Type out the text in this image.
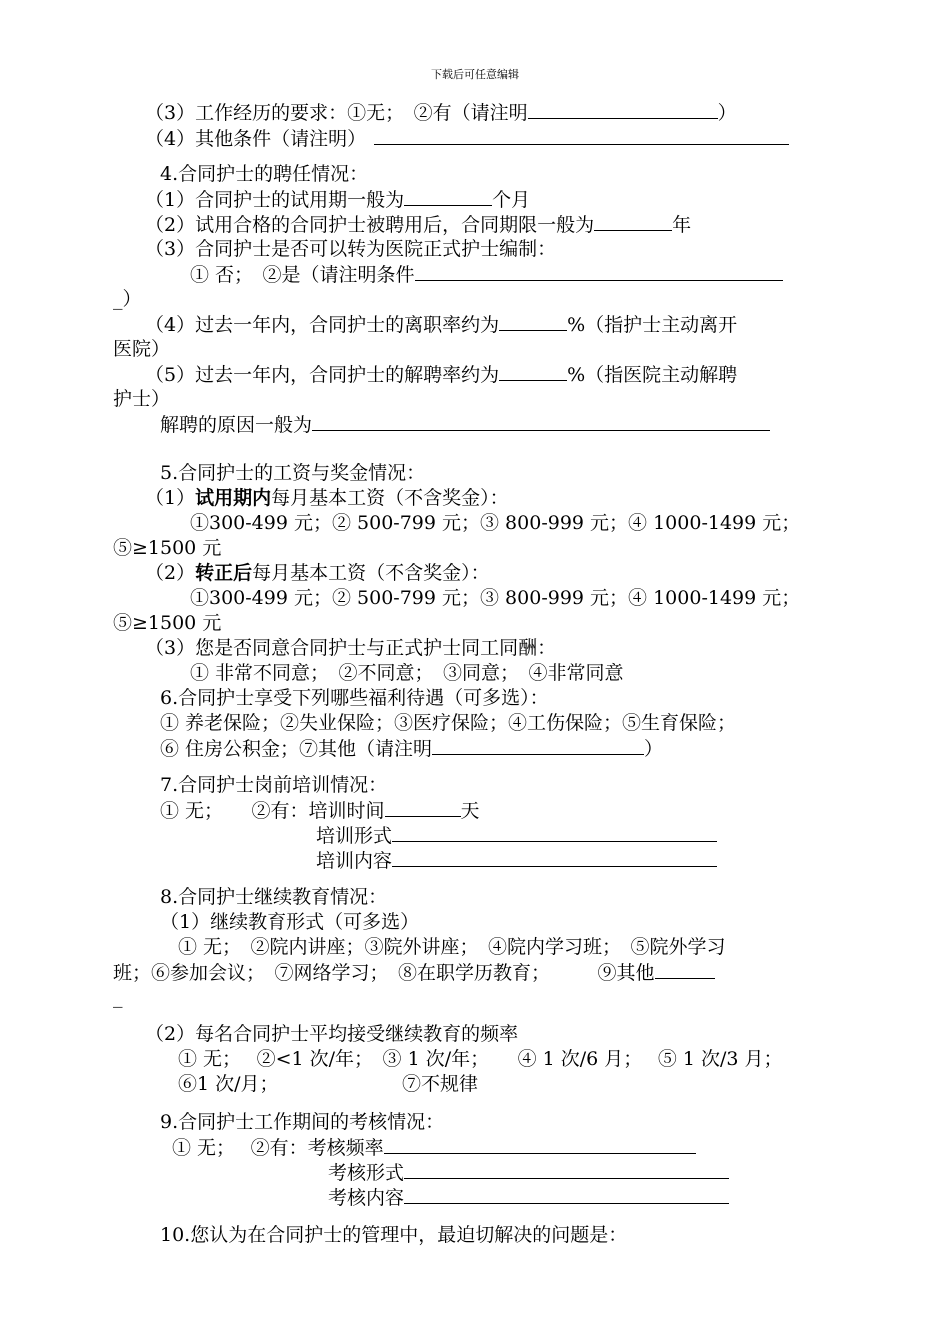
下载后可任意编辑
（3）工作经历的要求：①无；　②有（请注明	）
（4）其他条件（请注明）
4.合同护士的聘任情况：
（1）合同护士的试用期一般为	个月
（2）试用合格的合同护士被聘用后，合同期限一般为	年
（3）合同护士是否可以转为医院正式护士编制：
① 否；　②是（请注明条件
_）
（4）过去一年内，合同护士的离职率约为	%（指护士主动离开
医院）
（5）过去一年内，合同护士的解聘率约为	%（指医院主动解聘
护士）
解聘的原因一般为
5.合同护士的工资与奖金情况：
（1）试用期内每月基本工资（不含奖金）：
①300-499 元；② 500-799 元；③ 800-999 元；④ 1000-1499 元；
⑤≥1500 元
（2）转正后每月基本工资（不含奖金）：
①300-499 元；② 500-799 元；③ 800-999 元；④ 1000-1499 元；
⑤≥1500 元
（3）您是否同意合同护士与正式护士同工同酬：
① 非常不同意；　②不同意；　③同意；　④非常同意
6.合同护士享受下列哪些福利待遇（可多选）：
① 养老保险；②失业保险；③医疗保险；④工伤保险；⑤生育保险；
⑥ 住房公积金；⑦其他（请注明	）
7.合同护士岗前培训情况：
① 无；　　②有：培训时间	天
培训形式
培训内容
8.合同护士继续教育情况：
（1）继续教育形式（可多选）
① 无；　②院内讲座；③院外讲座；　④院内学习班；　⑤院外学习
班；⑥参加会议；　⑦网络学习；　⑧在职学历教育；　　　⑨其他
_
（2）每名合同护士平均接受继续教育的频率
① 无；　 ②<1 次/年；　③ 1 次/年；　　④ 1 次/6 月；　 ⑤ 1 次/3 月；
⑥1 次/月；　　　　　　　⑦不规律
9.合同护士工作期间的考核情况：
① 无；　 ②有：考核频率
考核形式
考核内容
10.您认为在合同护士的管理中，最迫切解决的问题是：
